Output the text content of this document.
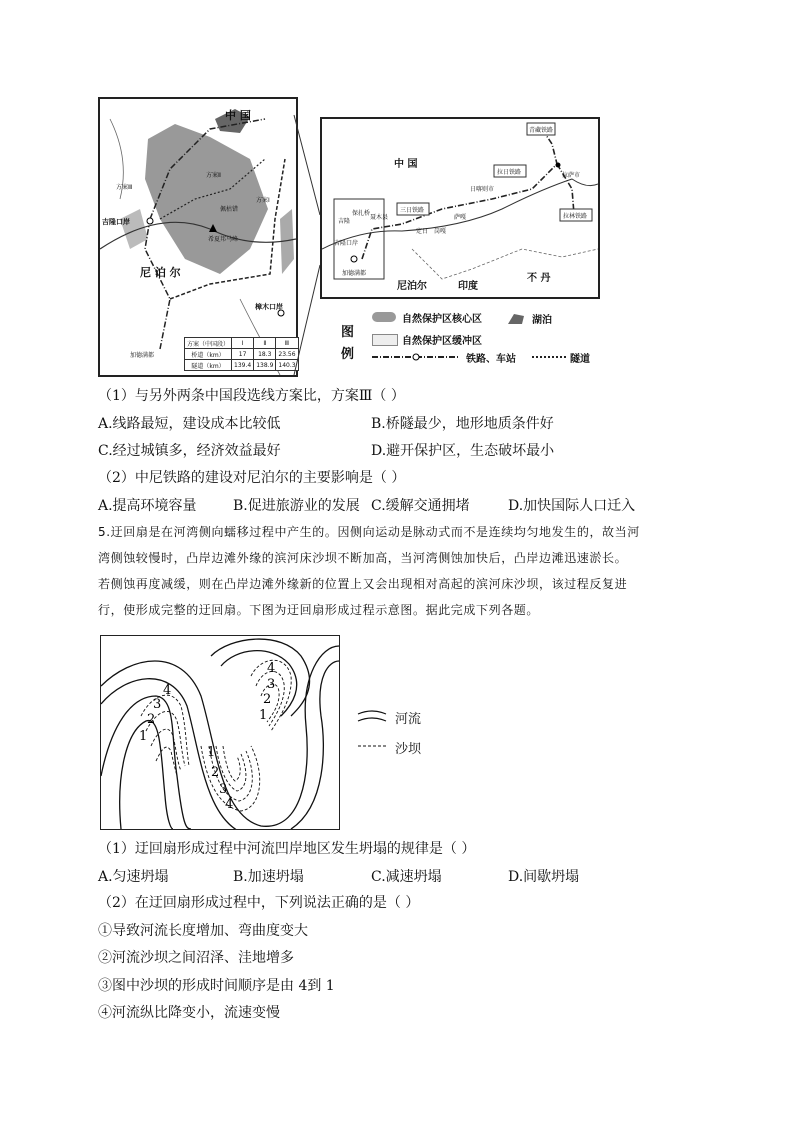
中 国
尼 泊 尔
吉隆口岸
樟木口岸
加德满都
方案Ⅱ
方案Ⅰ
方案Ⅲ
希夏邦马峰
佩枯错
方案（中国段）	Ⅰ	Ⅱ	Ⅲ
桥道（km）	17	18.3	23.56
隧道（km）	139.4	138.9	140.3
中 国
尼泊尔	印度
不 丹
青藏铁路
拉日铁路
拉林铁路
三日铁路
拉萨市
日喀则市
萨嘎
定日 岗嘎
吉隆
吉隆口岸
加德满都
保扎桥
聂木县
图 例
自然保护区核心区
自然保护区缓冲区
铁路、车站
湖泊
隧道
（1）与另外两条中国段选线方案比，方案Ⅲ（ ）
A.线路最短，建设成本比较低	B.桥隧最少，地形地质条件好
C.经过城镇多，经济效益最好	D.避开保护区，生态破坏最小
（2）中尼铁路的建设对尼泊尔的主要影响是（ ）
A.提高环境容量	B.促进旅游业的发展 C.缓解交通拥堵	D.加快国际人口迁入
5.迂回扇是在河湾侧向蠕移过程中产生的。因侧向运动是脉动式而不是连续均匀地发生的，故当河
湾侧蚀较慢时，凸岸边滩外缘的滨河床沙坝不断加高，当河湾侧蚀加快后，凸岸边滩迅速淤长。
若侧蚀再度减缓，则在凸岸边滩外缘新的位置上又会出现相对高起的滨河床沙坝，该过程反复进
行，使形成完整的迂回扇。下图为迂回扇形成过程示意图。据此完成下列各题。
1
2
3
4
1
2
3
4
1
2
3
4
河流
沙坝
（1）迂回扇形成过程中河流凹岸地区发生坍塌的规律是（ ）
A.匀速坍塌	B.加速坍塌	C.减速坍塌	D.间歇坍塌
（2）在迂回扇形成过程中，下列说法正确的是（ ）
①导致河流长度增加、弯曲度变大
②河流沙坝之间沼泽、洼地增多
③图中沙坝的形成时间顺序是由 4到 1
④河流纵比降变小，流速变慢
